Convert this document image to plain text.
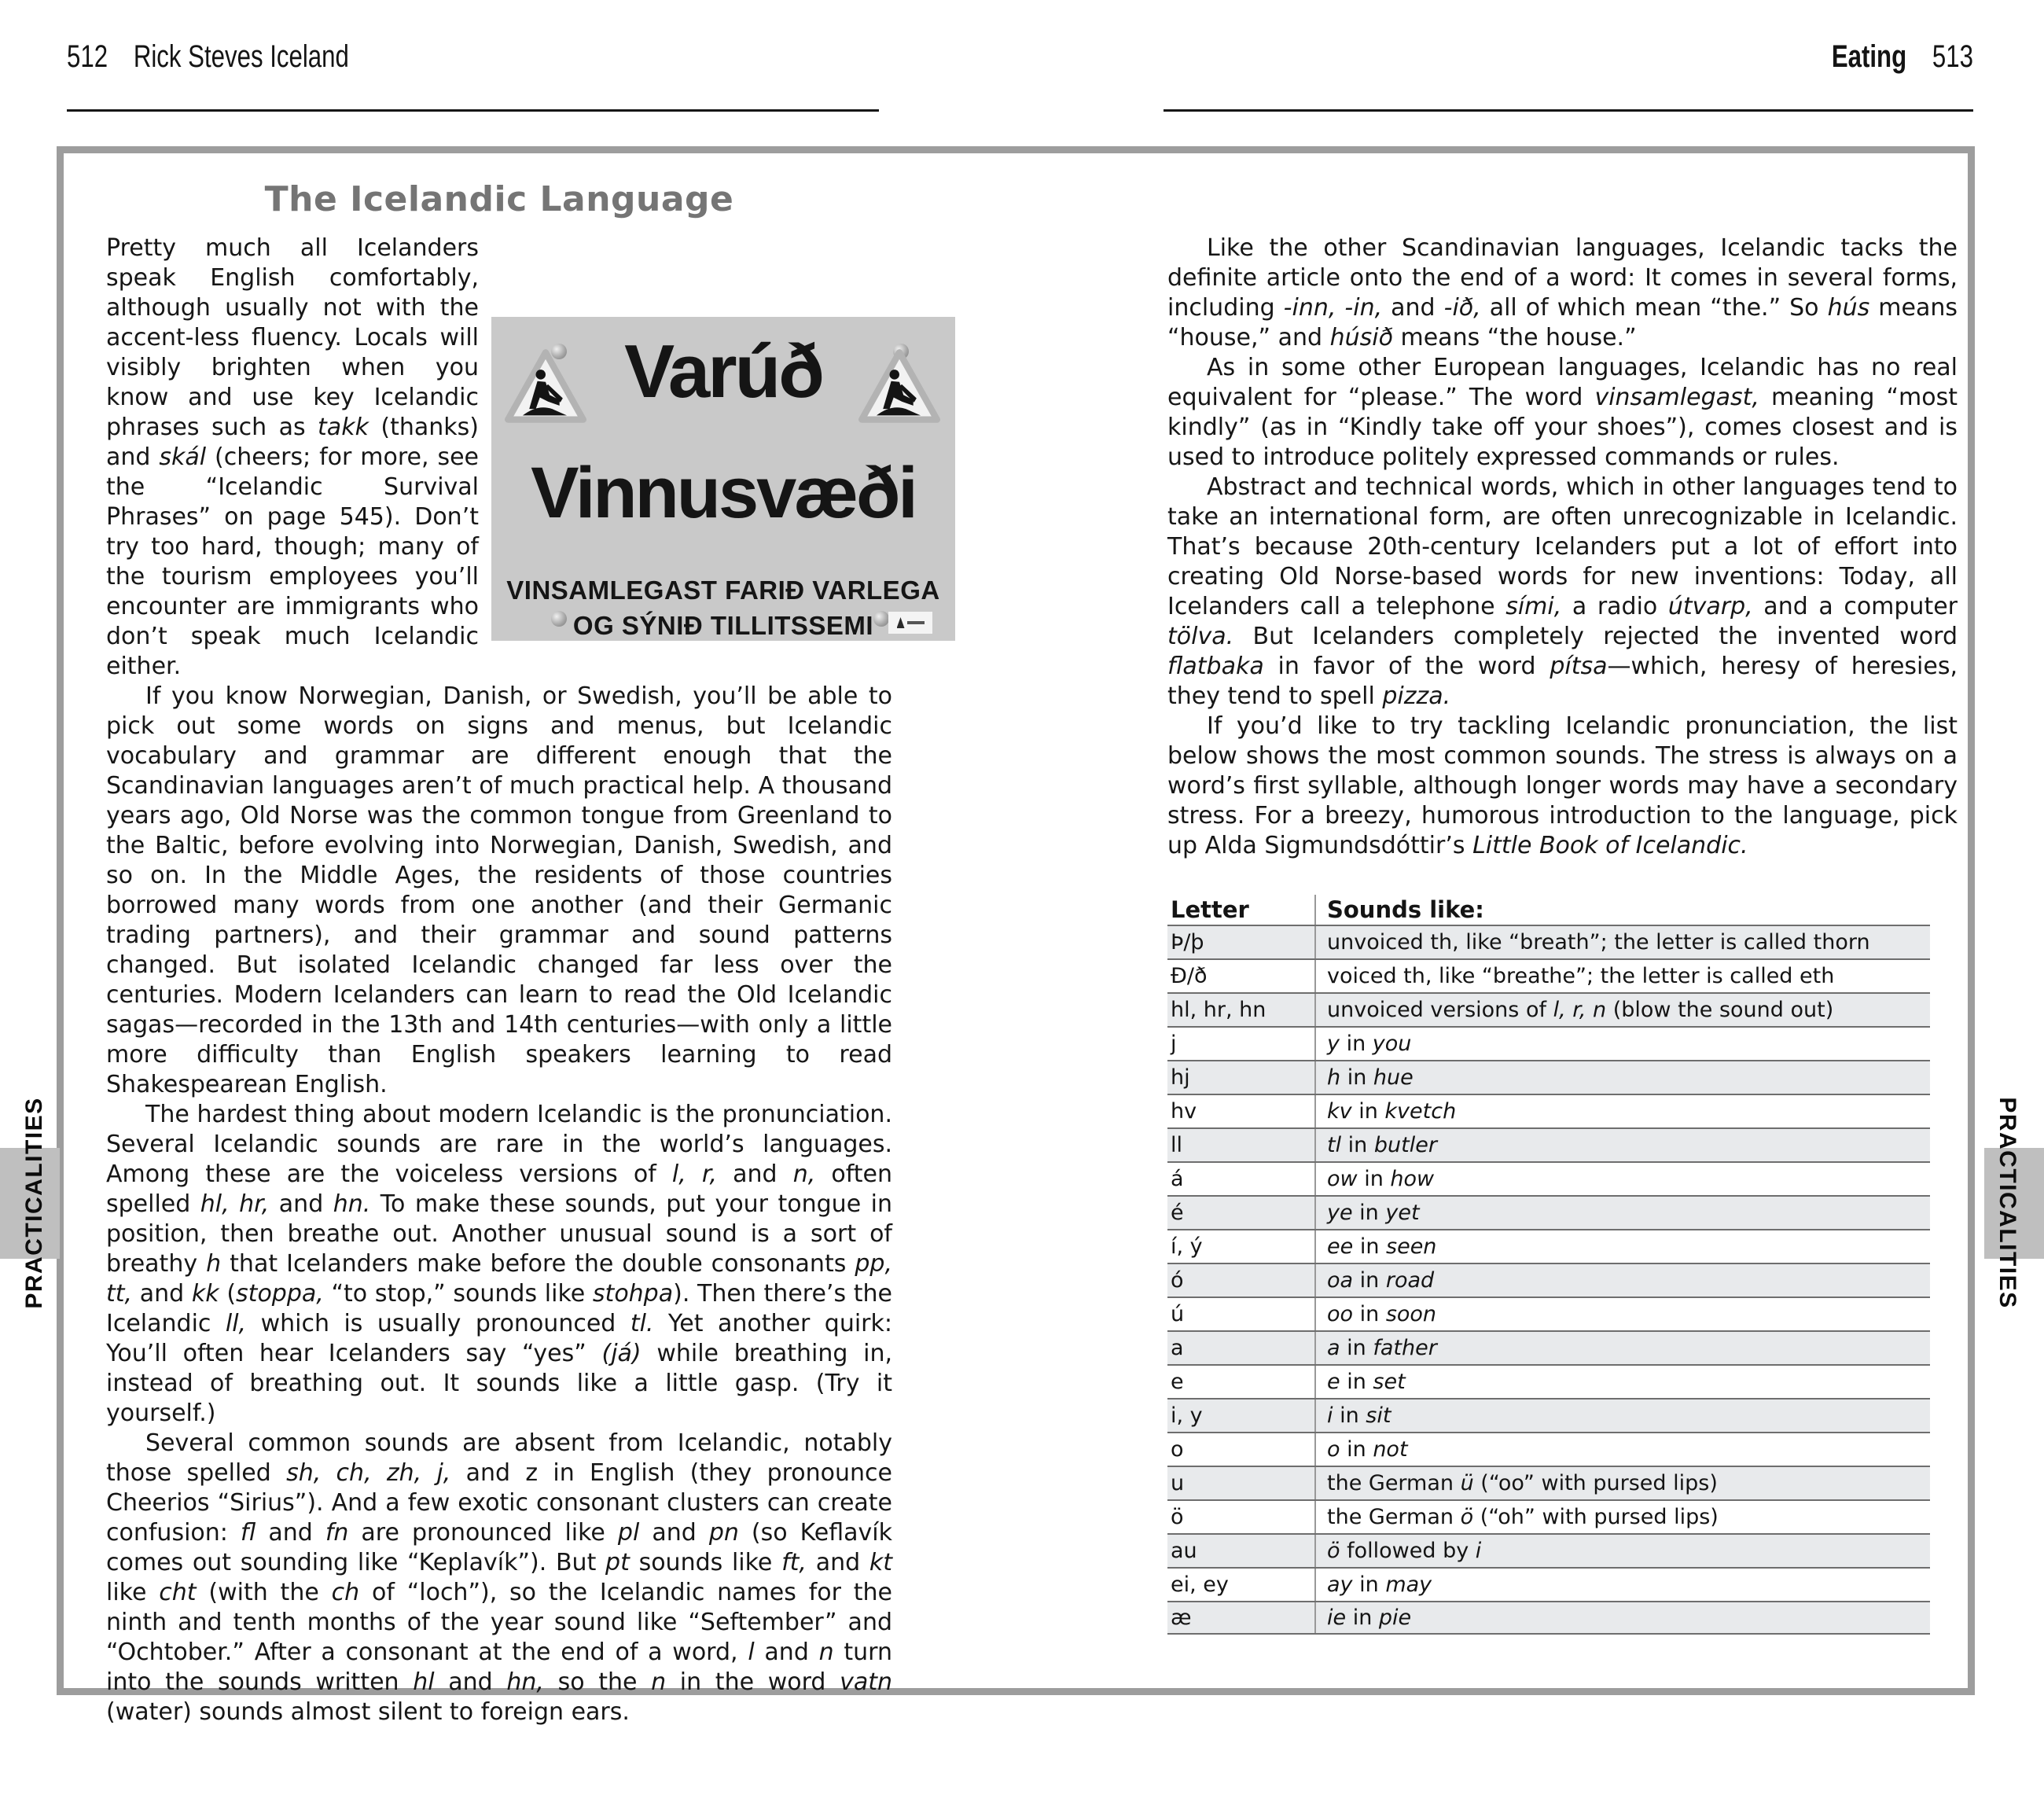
512 Rick Steves Iceland	Eating 513
PRACTICALITIES	PRACTICALITIES
The Icelandic Language

Varúð
Vinnusvæði
VINSAMLEGAST FARIÐ VARLEGA
OG SÝNIÐ TILLITSSEMI
Pretty much all Icelanders speak English comfortably, although usually not with the accent-less fluency. Locals will visibly brighten when you know and use key Icelandic phrases such as takk (thanks) and skál (cheers; for more, see the “Icelandic Survival Phrases” on page 545). Don’t try too hard, though; many of the tourism employees you’ll encounter are immigrants who don’t speak much Icelandic either.

If you know Norwegian, Danish, or Swedish, you’ll be able to pick out some words on signs and menus, but Icelandic vocabulary and grammar are different enough that the Scandinavian languages aren’t of much practical help. A thousand years ago, Old Norse was the common tongue from Greenland to the Baltic, before evolving into Norwegian, Danish, Swedish, and so on. In the Middle Ages, the residents of those countries borrowed many words from one another (and their Germanic trading partners), and their grammar and sound patterns changed. But isolated Icelandic changed far less over the centuries. Modern Icelanders can learn to read the Old Icelandic sagas—recorded in the 13th and 14th centuries—with only a little more difficulty than English speakers learning to read Shakespearean English.

The hardest thing about modern Icelandic is the pronunciation. Several Icelandic sounds are rare in the world’s languages. Among these are the voiceless versions of l, r, and n, often spelled hl, hr, and hn. To make these sounds, put your tongue in position, then breathe out. Another unusual sound is a sort of breathy h that Icelanders make before the double consonants pp, tt, and kk (stoppa, “to stop,” sounds like stohpa). Then there’s the Icelandic ll, which is usually pronounced tl. Yet another quirk: You’ll often hear Icelanders say “yes” (já) while breathing in, instead of breathing out. It sounds like a little gasp. (Try it yourself.)

Several common sounds are absent from Icelandic, notably those spelled sh, ch, zh, j, and z in English (they pronounce Cheerios “Sirius”). And a few exotic consonant clusters can create confusion: fl and fn are pronounced like pl and pn (so Keflavík comes out sounding like “Keplavík”). But pt sounds like ft, and kt like cht (with the ch of “loch”), so the Icelandic names for the ninth and tenth months of the year sound like “Seftember” and “Ochtober.” After a consonant at the end of a word, l and n turn into the sounds written hl and hn, so the n in the word vatn (water) sounds almost silent to foreign ears.

Like the other Scandinavian languages, Icelandic tacks the definite article onto the end of a word: It comes in several forms, including -inn, -in, and -ið, all of which mean “the.” So hús means “house,” and húsið means “the house.”

As in some other European languages, Icelandic has no real equivalent for “please.” The word vinsamlegast, meaning “most kindly” (as in “Kindly take off your shoes”), comes closest and is used to introduce politely expressed commands or rules.

Abstract and technical words, which in other languages tend to take an international form, are often unrecognizable in Icelandic. That’s because 20th-century Icelanders put a lot of effort into creating Old Norse-based words for new inventions: Today, all Icelanders call a telephone sími, a radio útvarp, and a computer tölva. But Icelanders completely rejected the invented word flatbaka in favor of the word pítsa—which, heresy of heresies, they tend to spell pizza.

If you’d like to try tackling Icelandic pronunciation, the list below shows the most common sounds. The stress is always on a word’s first syllable, although longer words may have a secondary stress. For a breezy, humorous introduction to the language, pick up Alda Sigmundsdóttir’s Little Book of Icelandic.

Letter	Sounds like:
Þ/þ	unvoiced th, like “breath”; the letter is called thorn
Ð/ð	voiced th, like “breathe”; the letter is called eth
hl, hr, hn	unvoiced versions of l, r, n (blow the sound out)
j	y in you
hj	h in hue
hv	kv in kvetch
ll	tl in butler
á	ow in how
é	ye in yet
í, ý	ee in seen
ó	oa in road
ú	oo in soon
a	a in father
e	e in set
i, y	i in sit
o	o in not
u	the German ü (“oo” with pursed lips)
ö	the German ö (“oh” with pursed lips)
au	ö followed by i
ei, ey	ay in may
æ	ie in pie
